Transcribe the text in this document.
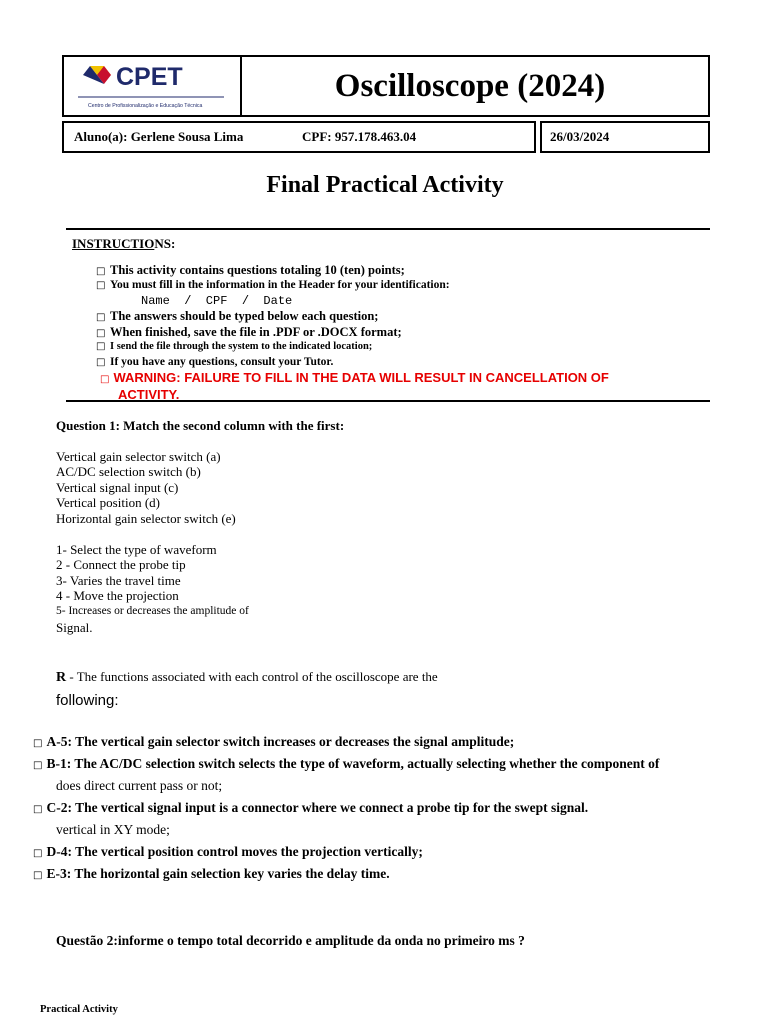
CPET
Centro de Profissionalização e Educação Técnica
Oscilloscope (2024)
Aluno(a): Gerlene Sousa Lima	CPF: 957.178.463.04	26/03/2024
Final Practical Activity
INSTRUCTIONS:
□ This activity contains questions totaling 10 (ten) points;
□ You must fill in the information in the Header for your identification:
Name  /  CPF  /  Date
□ The answers should be typed below each question;
□ When finished, save the file in .PDF or .DOCX format;
□ I send the file through the system to the indicated location;
□ If you have any questions, consult your Tutor.
□ WARNING: FAILURE TO FILL IN THE DATA WILL RESULT IN CANCELLATION OF
ACTIVITY.
Question 1: Match the second column with the first:
Vertical gain selector switch (a)
AC/DC selection switch (b)
Vertical signal input (c)
Vertical position (d)
Horizontal gain selector switch (e)
1- Select the type of waveform
2 - Connect the probe tip
3- Varies the travel time
4 - Move the projection
5- Increases or decreases the amplitude of
Signal.
R - The functions associated with each control of the oscilloscope are the
following:
□ A-5: The vertical gain selector switch increases or decreases the signal amplitude;
□ B-1: The AC/DC selection switch selects the type of waveform, actually selecting whether the component of
does direct current pass or not;
□ C-2: The vertical signal input is a connector where we connect a probe tip for the swept signal.
vertical in XY mode;
□ D-4: The vertical position control moves the projection vertically;
□ E-3: The horizontal gain selection key varies the delay time.
Questão 2:informe o tempo total decorrido e amplitude da onda no primeiro ms ?
Practical Activity
